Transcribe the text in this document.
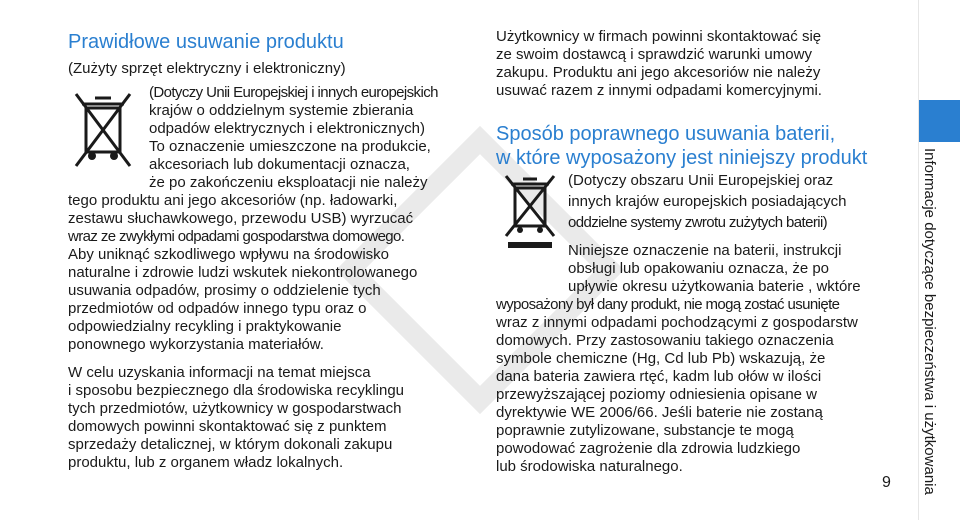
Prawidłowe usuwanie produktu
(Zużyty sprzęt elektryczny i elektroniczny)
(Dotyczy Unii Europejskiej i innych europejskich
krajów o oddzielnym systemie zbierania
odpadów elektrycznych i elektronicznych)
To oznaczenie umieszczone na produkcie,
akcesoriach lub dokumentacji oznacza,
że po zakończeniu eksploatacji nie należy
tego produktu ani jego akcesoriów (np. ładowarki,
zestawu słuchawkowego, przewodu USB) wyrzucać
wraz ze zwykłymi odpadami gospodarstwa domowego.
Aby uniknąć szkodliwego wpływu na środowisko
naturalne i zdrowie ludzi wskutek niekontrolowanego
usuwania odpadów, prosimy o oddzielenie tych
przedmiotów od odpadów innego typu oraz o
odpowiedzialny recykling i praktykowanie
ponownego wykorzystania materiałów.
W celu uzyskania informacji na temat miejsca
i sposobu bezpiecznego dla środowiska recyklingu
tych przedmiotów, użytkownicy w gospodarstwach
domowych powinni skontaktować się z punktem
sprzedaży detalicznej, w którym dokonali zakupu
produktu, lub z organem władz lokalnych.
Użytkownicy w firmach powinni skontaktować się
ze swoim dostawcą i sprawdzić warunki umowy
zakupu. Produktu ani jego akcesoriów nie należy
usuwać razem z innymi odpadami komercyjnymi.
Sposób poprawnego usuwania baterii,
w które wyposażony jest niniejszy produkt
(Dotyczy obszaru Unii Europejskiej oraz
innych krajów europejskich posiadających
oddzielne systemy zwrotu zużytych baterii)
Niniejsze oznaczenie na baterii, instrukcji
obsługi lub opakowaniu oznacza, że po
upływie okresu użytkowania baterie , wktóre
wyposażony był dany produkt, nie mogą zostać usunięte
wraz z innymi odpadami pochodzącymi z gospodarstw
domowych. Przy zastosowaniu takiego oznaczenia
symbole chemiczne (Hg, Cd lub Pb) wskazują, że
dana bateria zawiera rtęć, kadm lub ołów w ilości
przewyższającej poziomy odniesienia opisane w
dyrektywie WE 2006/66. Jeśli baterie nie zostaną
poprawnie zutylizowane, substancje te mogą
powodować zagrożenie dla zdrowia ludzkiego
lub środowiska naturalnego.	Informacje dotyczące bezpieczeństwa i użytkowania
9
